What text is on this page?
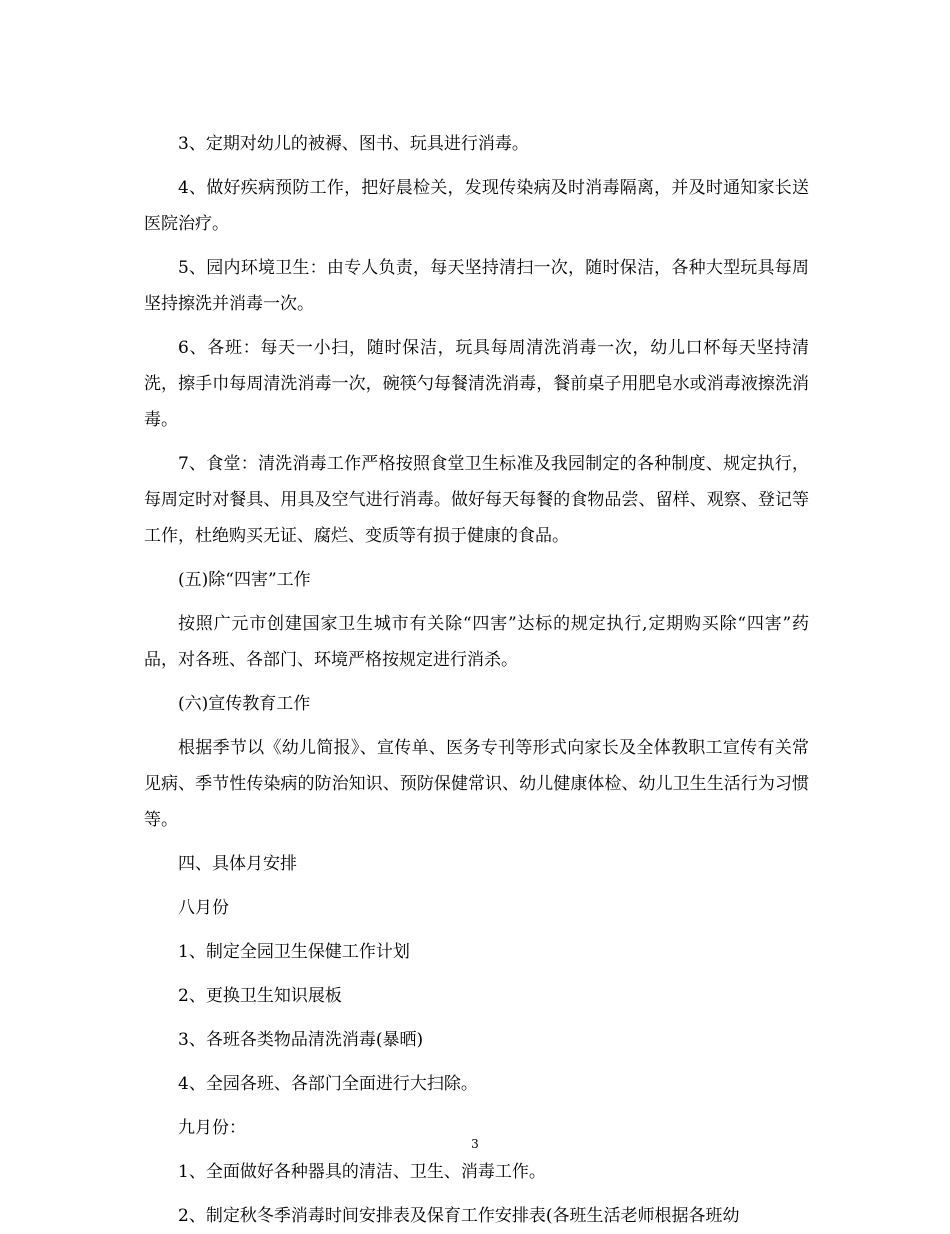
3、定期对幼儿的被褥、图书、玩具进行消毒。

4、做好疾病预防工作，把好晨检关，发现传染病及时消毒隔离，并及时通知家长送医院治疗。

5、园内环境卫生：由专人负责，每天坚持清扫一次，随时保洁，各种大型玩具每周坚持擦洗并消毒一次。

6、各班：每天一小扫，随时保洁，玩具每周清洗消毒一次，幼儿口杯每天坚持清洗，擦手巾每周清洗消毒一次，碗筷勺每餐清洗消毒，餐前桌子用肥皂水或消毒液擦洗消毒。

7、食堂：清洗消毒工作严格按照食堂卫生标准及我园制定的各种制度、规定执行，每周定时对餐具、用具及空气进行消毒。做好每天每餐的食物品尝、留样、观察、登记等工作，杜绝购买无证、腐烂、变质等有损于健康的食品。

(五)除“四害”工作

按照广元市创建国家卫生城市有关除“四害”达标的规定执行,定期购买除“四害”药品，对各班、各部门、环境严格按规定进行消杀。

(六)宣传教育工作

根据季节以《幼儿简报》、宣传单、医务专刊等形式向家长及全体教职工宣传有关常见病、季节性传染病的防治知识、预防保健常识、幼儿健康体检、幼儿卫生生活行为习惯等。

四、具体月安排

八月份

1、制定全园卫生保健工作计划

2、更换卫生知识展板

3、各班各类物品清洗消毒(暴晒)

4、全园各班、各部门全面进行大扫除。

九月份：

1、全面做好各种器具的清洁、卫生、消毒工作。

2、制定秋冬季消毒时间安排表及保育工作安排表(各班生活老师根据各班幼

3
